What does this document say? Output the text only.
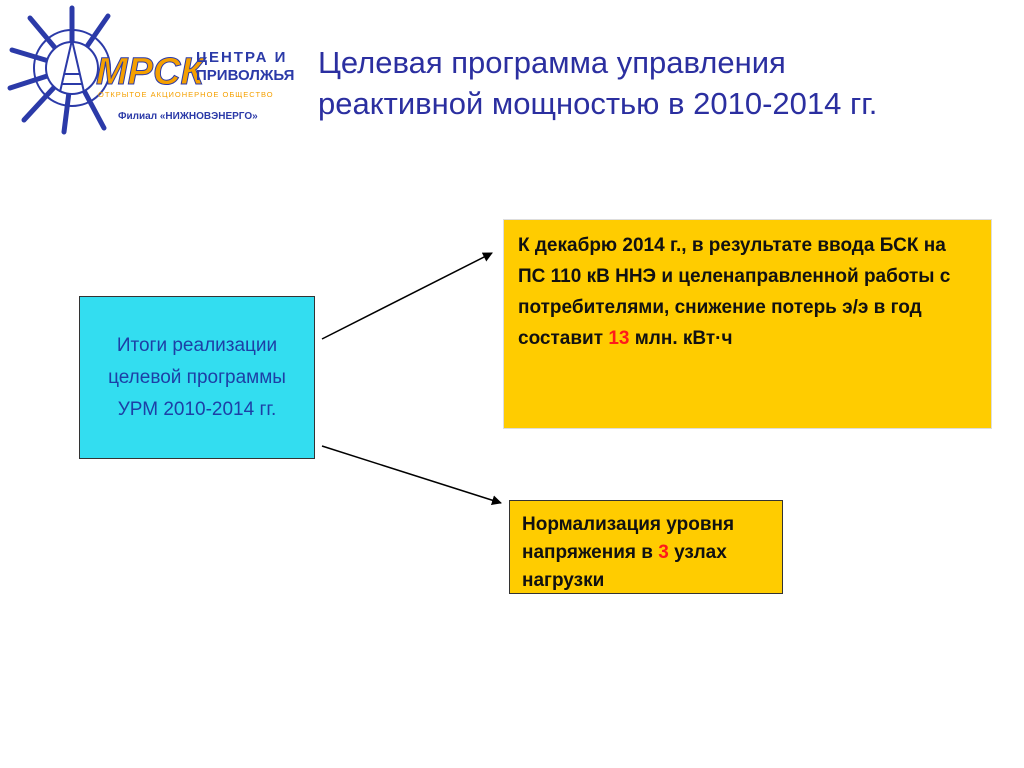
МРСК
ЦЕНТРА И
ПРИВОЛЖЬЯ
ОТКРЫТОЕ АКЦИОНЕРНОЕ ОБЩЕСТВО
Филиал «НИЖНОВЭНЕРГО»
Целевая программа управления
реактивной мощностью в 2010-2014 гг.
Итоги реализации целевой программы УРМ 2010-2014 гг.
К декабрю 2014 г., в результате ввода БСК на ПС 110 кВ ННЭ и целенаправленной работы с потребителями, снижение потерь э/э в год составит 13 млн. кВт·ч
Нормализация уровня напряжения в 3 узлах нагрузки
